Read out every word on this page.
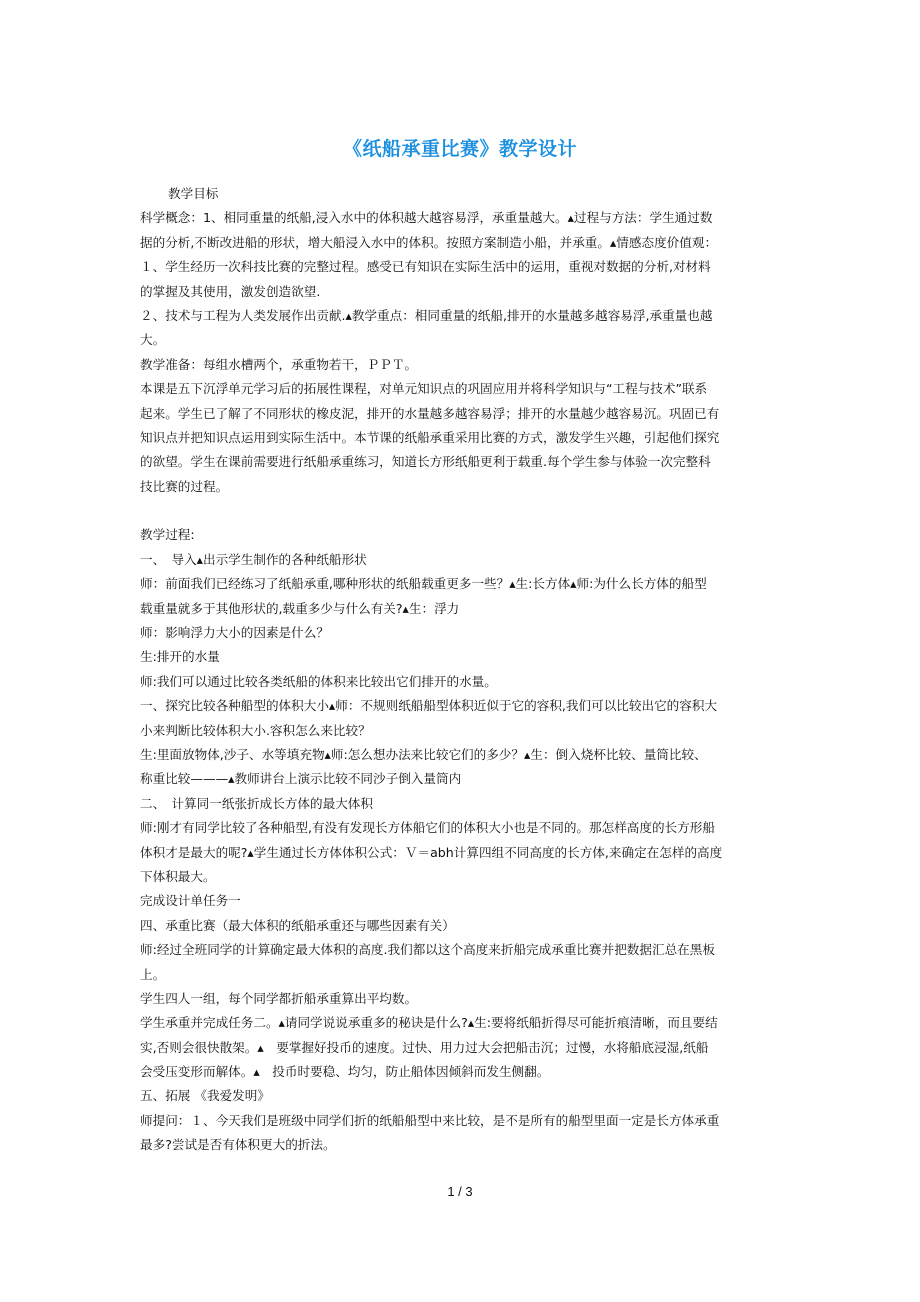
《纸船承重比赛》教学设计
教学目标
科学概念：1、相同重量的纸船,浸入水中的体积越大越容易浮，承重量越大。▴过程与方法：学生通过数
据的分析,不断改进船的形状，增大船浸入水中的体积。按照方案制造小船，并承重。▴情感态度价值观：
１、学生经历一次科技比赛的完整过程。感受已有知识在实际生活中的运用，重视对数据的分析,对材料
的掌握及其使用，激发创造欲望.
２、技术与工程为人类发展作出贡献.▴教学重点：相同重量的纸船,排开的水量越多越容易浮,承重量也越
大。
教学准备：每组水槽两个，承重物若干，ＰＰＴ。
本课是五下沉浮单元学习后的拓展性课程，对单元知识点的巩固应用并将科学知识与“工程与技术”联系
起来。学生已了解了不同形状的橡皮泥，排开的水量越多越容易浮；排开的水量越少越容易沉。巩固已有
知识点并把知识点运用到实际生活中。本节课的纸船承重采用比赛的方式，激发学生兴趣，引起他们探究
的欲望。学生在课前需要进行纸船承重练习，知道长方形纸船更利于载重.每个学生参与体验一次完整科
技比赛的过程。
教学过程:
一、　导入▴出示学生制作的各种纸船形状
师：前面我们已经练习了纸船承重,哪种形状的纸船载重更多一些？▴生:长方体▴师:为什么长方体的船型
载重量就多于其他形状的,载重多少与什么有关?▴生：浮力
师：影响浮力大小的因素是什么？
生:排开的水量
师:我们可以通过比较各类纸船的体积来比较出它们排开的水量。
一、探究比较各种船型的体积大小▴师：不规则纸船船型体积近似于它的容积,我们可以比较出它的容积大
小来判断比较体积大小.容积怎么来比较？
生:里面放物体,沙子、水等填充物▴师:怎么想办法来比较它们的多少？▴生：倒入烧杯比较、量筒比较、
称重比较———▴教师讲台上演示比较不同沙子倒入量筒内
二、　计算同一纸张折成长方体的最大体积
师:刚才有同学比较了各种船型,有没有发现长方体船它们的体积大小也是不同的。那怎样高度的长方形船
体积才是最大的呢?▴学生通过长方体体积公式：Ｖ＝abh计算四组不同高度的长方体,来确定在怎样的高度
下体积最大。
完成设计单任务一
四、承重比赛（最大体积的纸船承重还与哪些因素有关）
师:经过全班同学的计算确定最大体积的高度.我们都以这个高度来折船完成承重比赛并把数据汇总在黑板
上。
学生四人一组，每个同学都折船承重算出平均数。
学生承重并完成任务二。▴请同学说说承重多的秘诀是什么?▴生:要将纸船折得尽可能折痕清晰，而且要结
实,否则会很快散架。▴　要掌握好投币的速度。过快、用力过大会把船击沉；过慢，水将船底浸湿,纸船
会受压变形而解体。▴　投币时要稳、均匀，防止船体因倾斜而发生侧翻。
五、拓展 《我爱发明》
师提问：１、今天我们是班级中同学们折的纸船船型中来比较，是不是所有的船型里面一定是长方体承重
最多?尝试是否有体积更大的折法。
1 / 3
